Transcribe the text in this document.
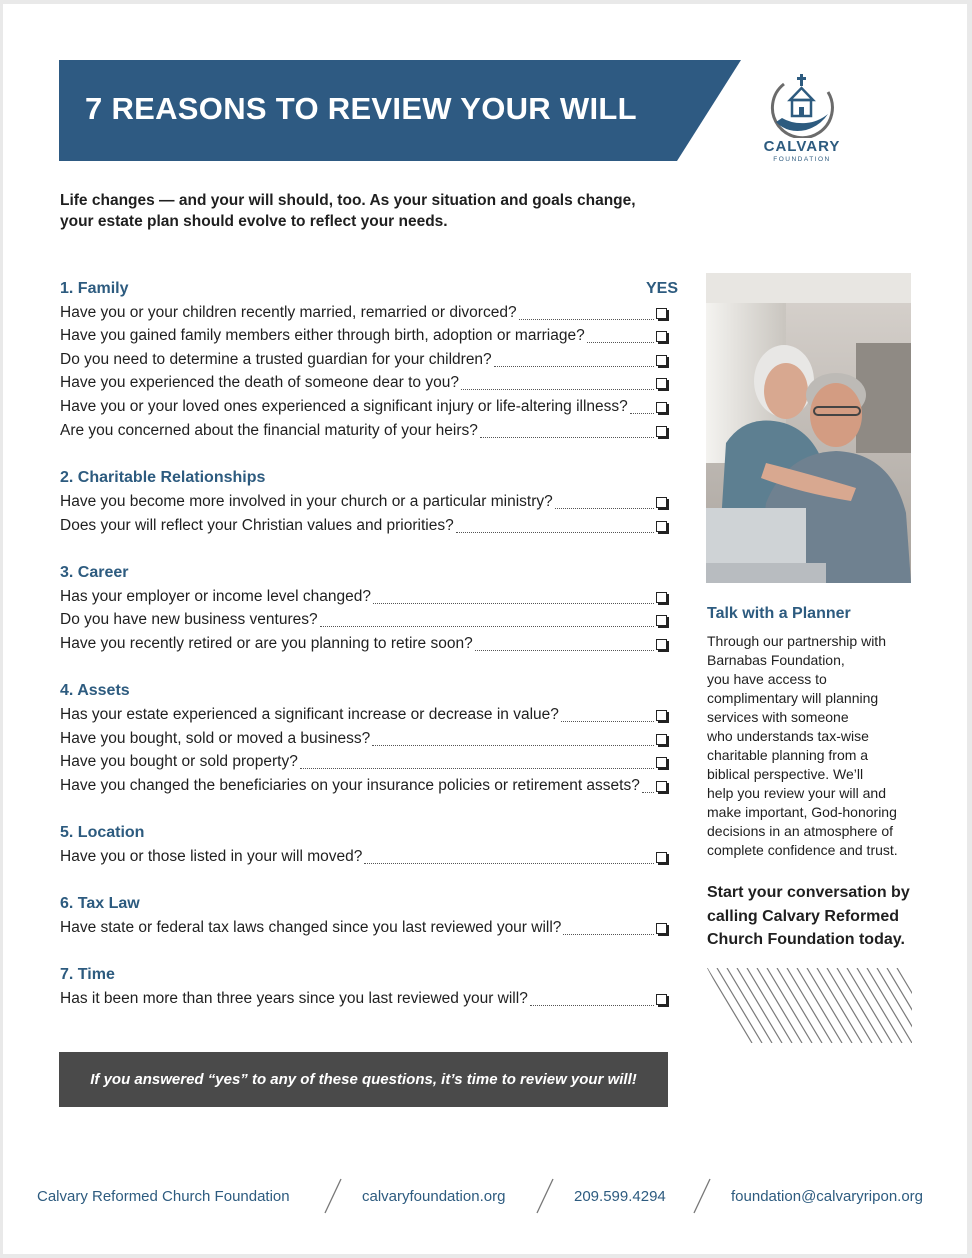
7 REASONS TO REVIEW YOUR WILL
CALVARY
FOUNDATION
Life changes — and your will should, too. As your situation and goals change,
your estate plan should evolve to reflect your needs.
YES
1. Family
Have you or your children recently married, remarried or divorced?
Have you gained family members either through birth, adoption or marriage?
Do you need to determine a trusted guardian for your children?
Have you experienced the death of someone dear to you?
Have you or your loved ones experienced a significant injury or life-altering illness?
Are you concerned about the financial maturity of your heirs?
2. Charitable Relationships
Have you become more involved in your church or a particular ministry?
Does your will reflect your Christian values and priorities?
3. Career
Has your employer or income level changed?
Do you have new business ventures?
Have you recently retired or are you planning to retire soon?
4. Assets
Has your estate experienced a significant increase or decrease in value?
Have you bought, sold or moved a business?
Have you bought or sold property?
Have you changed the beneficiaries on your insurance policies or retirement assets?
5. Location
Have you or those listed in your will moved?
6. Tax Law
Have state or federal tax laws changed since you last reviewed your will?
7. Time
Has it been more than three years since you last reviewed your will?
Talk with a Planner
Through our partnership with
Barnabas Foundation,
you have access to
complimentary will planning
services with someone
who understands tax-wise
charitable planning from a
biblical perspective. We’ll
help you review your will and
make important, God-honoring
decisions in an atmosphere of
complete confidence and trust.
Start your conversation by
calling Calvary Reformed
Church Foundation today.
If you answered “yes” to any of these questions, it’s time to review your will!
Calvary Reformed Church Foundation	calvaryfoundation.org	209.599.4294	foundation@calvaryripon.org
